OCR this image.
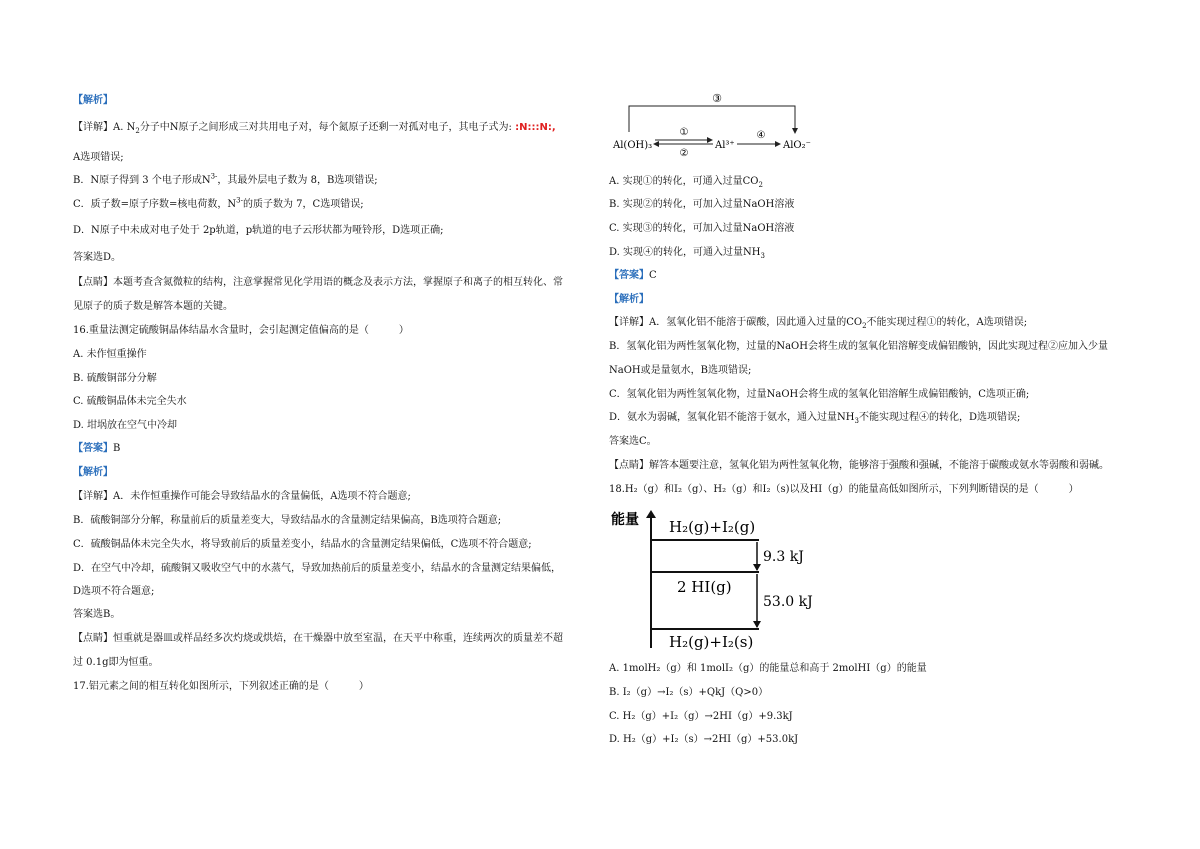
【解析】
【详解】A. $N_2$分子中N原子之间形成三对共用电子对，每个氮原子还剩一对孤对电子，其电子式为: :N:::N:,
A选项错误;
B．N原子得到 3 个电子形成$N^{3-}$，其最外层电子数为 8，B选项错误;
C．质子数=原子序数=核电荷数，$N^{3-}$的质子数为 7，C选项错误;
D．N原子中未成对电子处于 2p轨道，p轨道的电子云形状都为哑铃形，D选项正确;
答案选D。
【点睛】本题考查含氮微粒的结构，注意掌握常见化学用语的概念及表示方法，掌握原子和离子的相互转化、常
见原子的质子数是解答本题的关键。
16.重量法测定硫酸铜晶体结晶水含量时，会引起测定值偏高的是（　　　）
A. 未作恒重操作
B. 硫酸铜部分分解
C. 硫酸铜晶体未完全失水
D. 坩埚放在空气中冷却
【答案】B
【解析】
【详解】A．未作恒重操作可能会导致结晶水的含量偏低，A选项不符合题意;
B．硫酸铜部分分解，称量前后的质量差变大，导致结晶水的含量测定结果偏高，B选项符合题意;
C．硫酸铜晶体未完全失水，将导致前后的质量差变小，结晶水的含量测定结果偏低，C选项不符合题意;
D．在空气中冷却，硫酸铜又吸收空气中的水蒸气，导致加热前后的质量差变小，结晶水的含量测定结果偏低，
D选项不符合题意;
答案选B。
【点睛】恒重就是器皿或样品经多次灼烧或烘焙，在干燥器中放至室温，在天平中称重，连续两次的质量差不超
过 0.1g即为恒重。
17.铝元素之间的相互转化如图所示，下列叙述正确的是（　　　）
③
Al(OH)₃
①
②
Al³⁺
④
AlO₂⁻
A. 实现①的转化，可通入过量$CO_2$
B. 实现②的转化，可加入过量NaOH溶液
C. 实现③的转化，可加入过量NaOH溶液
D. 实现④的转化，可通入过量$NH_3$
【答案】C
【解析】
【详解】A．氢氧化铝不能溶于碳酸，因此通入过量的$CO_2$不能实现过程①的转化，A选项错误;
B．氢氧化铝为两性氢氧化物，过量的NaOH会将生成的氢氧化铝溶解变成偏铝酸钠，因此实现过程②应加入少量
NaOH或是量氨水，B选项错误;
C．氢氧化铝为两性氢氧化物，过量NaOH会将生成的氢氧化铝溶解生成偏铝酸钠，C选项正确;
D．氨水为弱碱，氢氧化铝不能溶于氨水，通入过量$NH_3$不能实现过程④的转化，D选项错误;
答案选C。
【点睛】解答本题要注意，氢氧化铝为两性氢氧化物，能够溶于强酸和强碱，不能溶于碳酸或氨水等弱酸和弱碱。
18.H₂（g）和I₂（g）、H₂（g）和I₂（s)以及HI（g）的能量高低如图所示，下列判断错误的是（　　　）
能量 H₂(g)+I₂(g)
2 HI(g)
H₂(g)+I₂(s)
9.3 kJ
53.0 kJ
A. 1molH₂（g）和 1molI₂（g）的能量总和高于 2molHI（g）的能量
B. I₂（g）→I₂（s）+QkJ（Q>0）
C. H₂（g）+I₂（g）→2HI（g）+9.3kJ
D. H₂（g）+I₂（s）→2HI（g）+53.0kJ
